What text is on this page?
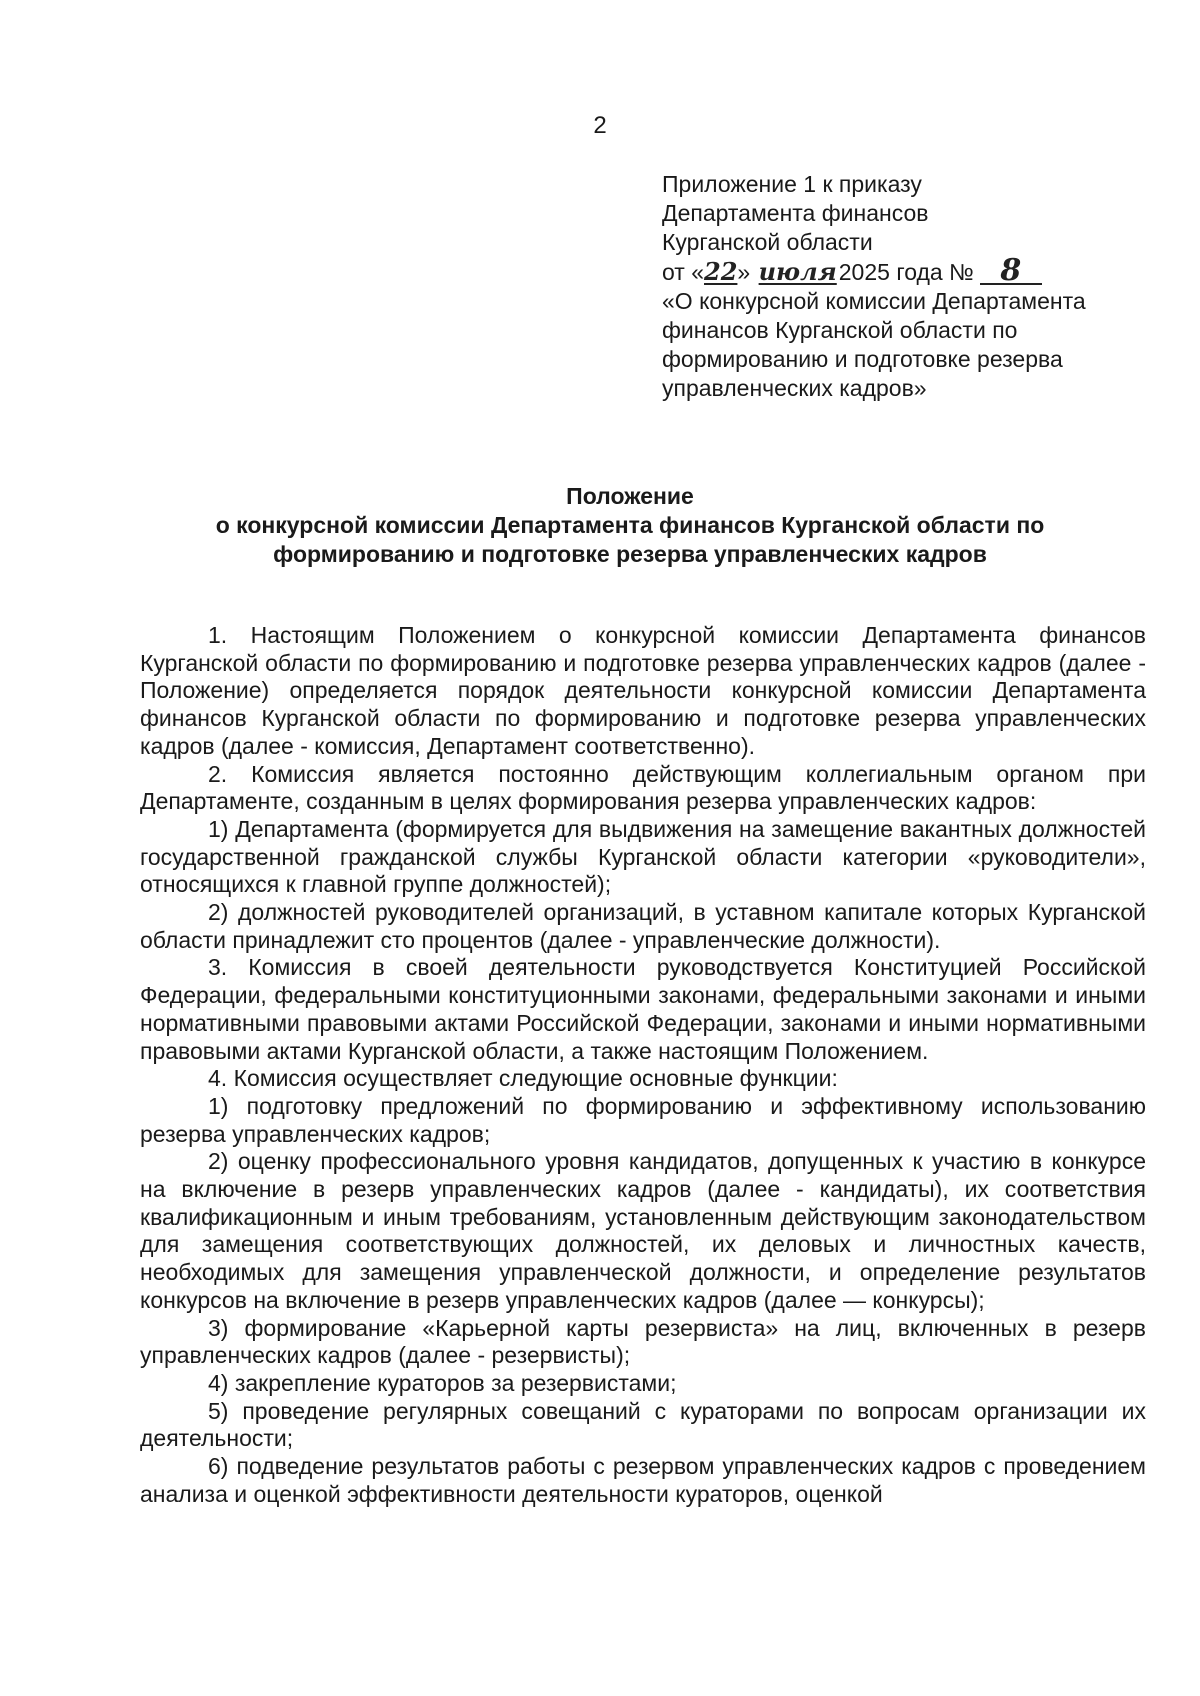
2
Приложение 1 к приказу
Департамента финансов
Курганской области
от «22» июля2025 года № 8
«О конкурсной комиссии Департамента
финансов Курганской области по
формированию и подготовке резерва
управленческих кадров»
Положение
о конкурсной комиссии Департамента финансов Курганской области по
формированию и подготовке резерва управленческих кадров

1. Настоящим Положением о конкурсной комиссии Департамента финансов Курганской области по формированию и подготовке резерва управленческих кадров (далее - Положение) определяется порядок деятельности конкурсной комиссии Департамента финансов Курганской области по формированию и подготовке резерва управленческих кадров (далее - комиссия, Департамент соответственно).

2. Комиссия является постоянно действующим коллегиальным органом при Департаменте, созданным в целях формирования резерва управленческих кадров:

1) Департамента (формируется для выдвижения на замещение вакантных должностей государственной гражданской службы Курганской области категории «руководители», относящихся к главной группе должностей);

2) должностей руководителей организаций, в уставном капитале которых Курганской области принадлежит сто процентов (далее - управленческие должности).

3. Комиссия в своей деятельности руководствуется Конституцией Российской Федерации, федеральными конституционными законами, федеральными законами и иными нормативными правовыми актами Российской Федерации, законами и иными нормативными правовыми актами Курганской области, а также настоящим Положением.

4. Комиссия осуществляет следующие основные функции:

1) подготовку предложений по формированию и эффективному использованию резерва управленческих кадров;

2) оценку профессионального уровня кандидатов, допущенных к участию в конкурсе на включение в резерв управленческих кадров (далее - кандидаты), их соответствия квалификационным и иным требованиям, установленным действующим законодательством для замещения соответствующих должностей, их деловых и личностных качеств, необходимых для замещения управленческой должности, и определение результатов конкурсов на включение в резерв управленческих кадров (далее — конкурсы);

3) формирование «Карьерной карты резервиста» на лиц, включенных в резерв управленческих кадров (далее - резервисты);

4) закрепление кураторов за резервистами;

5) проведение регулярных совещаний с кураторами по вопросам организации их деятельности;

6) подведение результатов работы с резервом управленческих кадров с проведением анализа и оценкой эффективности деятельности кураторов, оценкой
